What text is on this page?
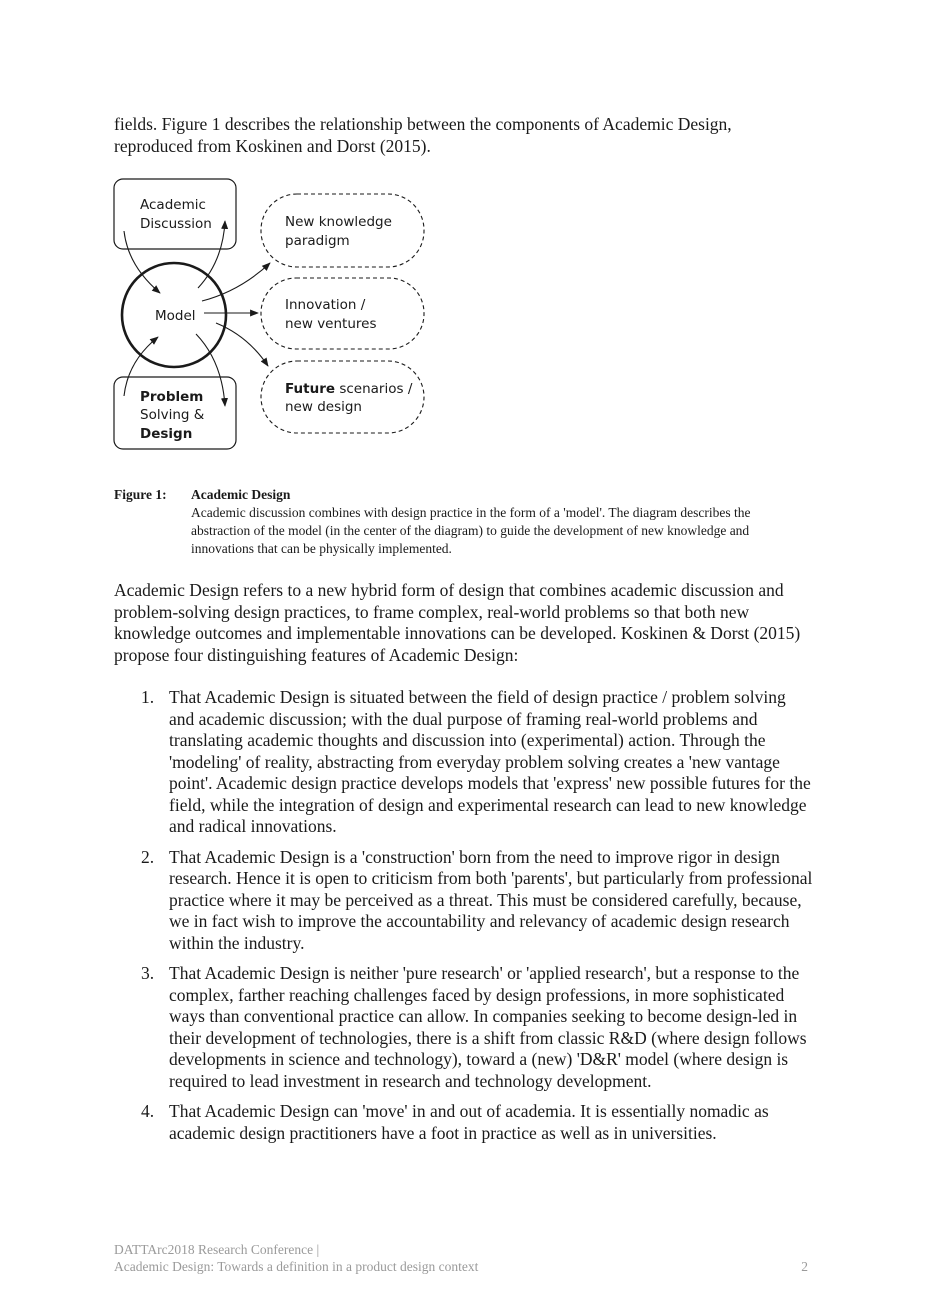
fields. Figure 1 describes the relationship between the components of Academic Design, reproduced from Koskinen and Dorst (2015).

Academic
Discussion
Problem
Solving &
Design
Model
New knowledge
paradigm
Innovation /
new ventures
Future scenarios /
new design
Figure 1: Academic Design
Academic discussion combines with design practice in the form of a 'model'. The diagram describes the abstraction of the model (in the center of the diagram) to guide the development of new knowledge and innovations that can be physically implemented.

Academic Design refers to a new hybrid form of design that combines academic discussion and problem-solving design practices, to frame complex, real-world problems so that both new knowledge outcomes and implementable innovations can be developed. Koskinen & Dorst (2015) propose four distinguishing features of Academic Design:

1. That Academic Design is situated between the field of design practice / problem solving and academic discussion; with the dual purpose of framing real-world problems and translating academic thoughts and discussion into (experimental) action. Through the 'modeling' of reality, abstracting from everyday problem solving creates a 'new vantage point'. Academic design practice develops models that 'express' new possible futures for the field, while the integration of design and experimental research can lead to new knowledge and radical innovations.
2. That Academic Design is a 'construction' born from the need to improve rigor in design research. Hence it is open to criticism from both 'parents', but particularly from professional practice where it may be perceived as a threat. This must be considered carefully, because, we in fact wish to improve the accountability and relevancy of academic design research within the industry.
3. That Academic Design is neither 'pure research' or 'applied research', but a response to the complex, farther reaching challenges faced by design professions, in more sophisticated ways than conventional practice can allow. In companies seeking to become design-led in their development of technologies, there is a shift from classic R&D (where design follows developments in science and technology), toward a (new) 'D&R' model (where design is required to lead investment in research and technology development.
4. That Academic Design can 'move' in and out of academia. It is essentially nomadic as academic design practitioners have a foot in practice as well as in universities.
DATTArc2018 Research Conference |
Academic Design: Towards a definition in a product design context	2
